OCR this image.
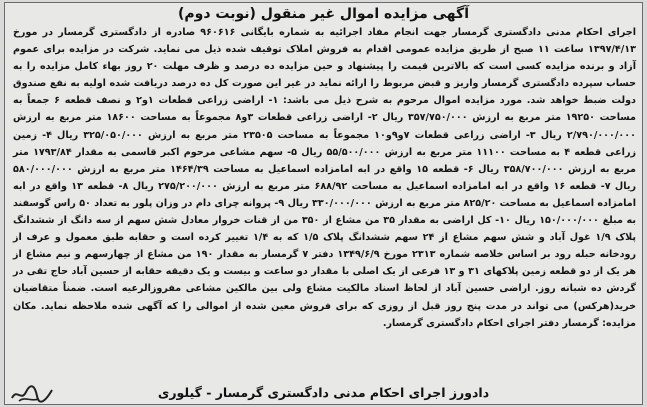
آگهی مزایده اموال غیر منقول (نوبت دوم)

اجرای احکام مدنی دادگستری گرمسار جهت انجام مفاد اجرائیه به شماره بایگانی ۹۶۰۶۱۶ صادره از دادگستری گرمسار در مورخ ۱۳۹۷/۴/۱۳ ساعت ۱۱ صبح از طریق مزایده عمومی اقدام به فروش املاک توقیف شده ذیل می نماید. شرکت در مزایده برای عموم آزاد و برنده مزایده کسی است که بالاترین قیمت را پیشنهاد و حین مزایده ده درصد و ظرف مهلت ۲۰ روز بهاء کامل مزایده را به حساب سپرده دادگستری گرمسار واریز و قبض مربوط را ارائه نماید در غیر این صورت کل ده درصد دریافت شده اولیه به نفع صندوق دولت ضبط خواهد شد. مورد مزایده اموال مرحوم به شرح ذیل می باشد: ۱- اراضی زراعی قطعات ۱و۲ و نصف قطعه ۶ جمعاً به مساحت ۱۹۲۵۰ متر مربع به ارزش ۳۵۷/۷۵۰/۰۰۰ ریال ۲- اراضی زراعی قطعات ۳و۸ مجموعاً به مساحت ۱۸۶۰۰ متر مربع به ارزش ۲/۷۹۰/۰۰۰/۰۰۰ ریال ۳- اراضی زراعی قطعات ۷و۹و۱۰ مجموعاً به مساحت ۲۳۵۰۵ متر مربع به ارزش ۳۲۵/۰۵۰/۰۰۰ ریال ۴- زمین زراعی قطعه ۴ به مساحت ۱۱۱۰۰ متر مربع به ارزش ۵۵/۵۰۰/۰۰۰ ریال ۵- سهم مشاعی مرحوم اکبر قاسمی به مقدار ۱۷۹۳/۸۴ متر مربع به ارزش ۳۵۸/۷۰۰/۰۰۰ ریال ۶- قطعه ۱۵ واقع در ابه امامزاده اسماعیل به مساحت ۱۴۶۴/۳۹ متر مربع به ارزش ۵۸۰/۰۰۰/۰۰۰ ریال ۷- قطعه ۱۶ واقع در ابه امامزاده اسماعیل به مساحت ۶۸۸/۹۲ متر مربع به ارزش ۲۷۵/۲۰۰/۰۰۰ ریال ۸- قطعه ۱۳ واقع در ابه امامزاده اسماعیل به مساحت ۸۲۵/۲۰ متر مربع به ارزش ۳۳۰/۰۰۰/۰۰۰ ریال ۹- پروانه چرای دام در وزان پلور به تعداد ۵۰ راس گوسفند به مبلغ ۱۵۰/۰۰۰/۰۰۰ ریال ۱۰- کل اراضی به مقدار ۳۵ من مشاع از ۳۵۰ من از قنات خروار معادل شش سهم از سه دانگ از ششدانگ پلاک ۱/۹ غول آباد و شش سهم مشاع از ۲۴ سهم ششدانگ پلاک ۱/۵ که به ۱/۴ تغییر کرده است و حقابه طبق معمول و عرف از رودخانه حبله رود بر اساس خلاصه شماره ۲۳۱۳ مورخ ۱۳۴۹/۶/۹ دفتر ۷ گرمسار به مقدار ۱۹۰ من مشاع از چهارسهم و نیم مشاع از هر یک از دو قطعه زمین پلاکهای ۳۱ و ۱۳ فرعی از یک اصلی با مقدار دو ساعت و بیست و یک دقیقه حقابه از حسین آباد حاج تقی در گردش ده شبانه روز. اراضی حسین آباد از لحاظ اسناد مالکیت مشاع ولی بین مالکین مشاعی مفروزالرعیه است. ضمناً متقاضیان خرید(هرکس) می تواند در مدت پنج روز قبل از روزی که برای فروش معین شده از اموالی را که آگهی شده ملاحظه نماید. مکان مزایده: گرمسار دفتر اجرای احکام دادگستری گرمسار.

دادورز اجرای احکام مدنی دادگستری گرمسار - گیلوری
